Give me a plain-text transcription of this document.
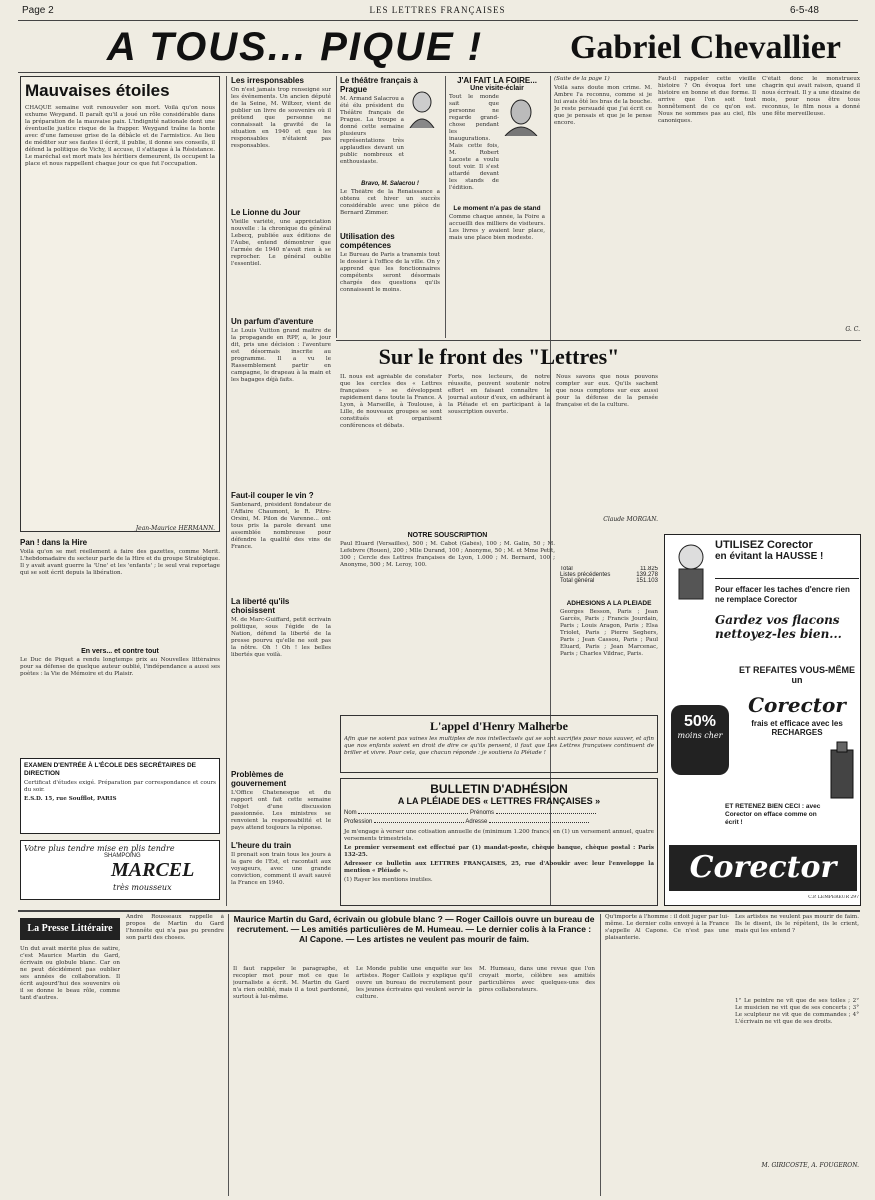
Page 2	LES LETTRES FRANÇAISES	6-5-48
A TOUS... PIQUE !	Gabriel Chevallier
Mauvaises étoiles
CHAQUE semaine voit renouveler son mort. Voilà qu'on nous exhume Weygand. Il paraît qu'il a joué un rôle considérable dans la préparation de la mauvaise paix. L'indignité nationale dont une éventuelle justice risque de la frapper. Weygand traîne la honte avec d'une fameuse grise de la débâcle et de l'armistice. Au lieu de méditer sur ses fautes il écrit, il publie, il donne ses conseils, il défend la politique de Vichy, il accuse, il s'attaque à la Résistance. Le maréchal est mort mais les héritiers demeurent, ils occupent la place et nous rappellent chaque jour ce que fut l'occupation.
Jean-Maurice HERMANN.
Pan ! dans la Hire
Voilà qu'on se met réellement à faire des gazettes, comme Merit. L'hebdomadaire du secteur parle de la Hire et du groupe Stratégique. Il y avait avant guerre la 'Une' et les 'enfants' ; le seul vrai reportage qui se soit écrit depuis la libération.
En vers... et contre tout
Le Duc de Piquet a rendu longtemps prix au Nouvelles littéraires pour sa défense de quelque auteur oublié, l'indépendance a aussi ses poètes : la Vie de Mémoire et du Plaisir.
EXAMEN D'ENTRÉE À L'ÉCOLE DES SECRÉTAIRES DE DIRECTION
Certificat d'études exigé. Préparation par correspondance et cours du soir.
E.S.D. 15, rue Soufflot, PARIS
Votre plus tendre mise en plis tendre
SHAMPOING
MARCEL
très mousseux
Les irresponsables
On n'est jamais trop renseigné sur les événements. Un ancien député de la Seine, M. Wiltzer, vient de publier un livre de souvenirs où il prétend que personne ne connaissait la gravité de la situation en 1940 et que les responsables n'étaient pas responsables.
Le Lionne du Jour
Vieille variété, une appréciation nouvelle : la chronique du général Lebecq, publiée aux éditions de l'Aube, entend démontrer que l'armée de 1940 n'avait rien à se reprocher. Le général oublie l'essentiel.
Un parfum d'aventure
Le Louis Vuitton grand maître de la propagande en RPF, a, le jour dit, pris une décision : l'aventure est désormais inscrite au programme. Il a vu le Rassemblement partir en campagne, le drapeau à la main et les bagages déjà faits.
Faut-il couper le vin ?
Santenard, président fondateur de l'Affaire Chaumont, le R. Pitre-Orsini, M. Pilon de Varenne... ont tous pris la parole devant une assemblée nombreuse pour défendre la qualité des vins de France.
La liberté qu'ils choisissent
M. de Marc-Guiffard, petit écrivain politique, sous l'égide de la Nation, défend la liberté de la presse pourvu qu'elle ne soit pas la nôtre. Oh ! Oh ! les belles libertés que voilà.
Problèmes de gouvernement
L'Office Chatenesque et du rapport ont fait cette semaine l'objet d'une discussion passionnée. Les ministres se renvoient la responsabilité et le pays attend toujours la réponse.
L'heure du train
Il prenait son train tous les jours à la gare de l'Est, et racontait aux voyageurs, avec une grande conviction, comment il avait sauvé la France en 1940.
Le théâtre français à Prague
M. Armand Salacrou a été élu président du Théâtre français de Prague. La troupe a donné cette semaine plusieurs représentations très applaudies devant un public nombreux et enthousiaste.
Bravo, M. Salacrou !
Le Théâtre de la Renaissance a obtenu cet hiver un succès considérable avec une pièce de Bernard Zimmer.
Utilisation des compétences
Le Bureau de Paris a transmis tout le dossier à l'office de la ville. On y apprend que les fonctionnaires compétents seront désormais chargés des questions qu'ils connaissent le moins.
J'AI FAIT LA FOIRE...
Une visite-éclair
Tout le monde sait que personne ne regarde grand-chose pendant les inaugurations. Mais cette fois, M. Robert Lacoste a voulu tout voir. Il s'est attardé devant les stands de l'édition.
Le moment n'a pas de stand
Comme chaque année, la Foire a accueilli des milliers de visiteurs. Les livres y avaient leur place, mais une place bien modeste.
(Suite de la page 1)
Voilà sans doute mon crime. M. Ambre l'a reconnu, comme si je lui avais ôté les bras de la bouche. Je reste persuadé que j'ai écrit ce que je pensais et que je le pense encore.
Faut-il rappeler cette vieille histoire ? On évoqua fort une histoire en bonne et due forme. Il arrive que l'on soit tout honnêtement de ce qu'on est. Nous ne sommes pas au ciel, fils canoniques.
C'était donc le monstrueux chagrin qui avait raison, quand il nous écrivait. Il y a une dizaine de mois, pour nous être tous reconnus, le film nous a donné une fête merveilleuse.
G. C.
Sur le front des "Lettres"
IL nous est agréable de constater que les cercles des « Lettres françaises » se développent rapidement dans toute la France. A Lyon, à Marseille, à Toulouse, à Lille, de nouveaux groupes se sont constitués et organisent conférences et débats.
Forts, nos lecteurs, de notre réussite, peuvent soutenir notre effort en faisant connaître le journal autour d'eux, en adhérant à la Pléiade et en participant à la souscription ouverte.
Nous savons que nous pouvons compter sur eux. Qu'ils sachent que nous comptons sur eux aussi pour la défense de la pensée française et de la culture.
Claude MORGAN.
NOTRE SOUSCRIPTION
Paul Éluard (Versailles), 500 ; M. Cabot (Gabès), 100 ; M. Galin, 50 ; M. Lefebvre (Rouen), 200 ; Mlle Durand, 100 ; Anonyme, 50 ; M. et Mme Petit, 300 ; Cercle des Lettres françaises de Lyon, 1.000 ; M. Bernard, 100 ; Anonyme, 500 ; M. Leroy, 100.
Total	11.825
Listes précédentes	139.278
Total général	151.103
ADHÉSIONS A LA PLÉIADE
Georges Besson, Paris ; Jean Garcès, Paris ; Francis Jourdain, Paris ; Louis Aragon, Paris ; Elsa Triolet, Paris ; Pierre Seghers, Paris ; Jean Cassou, Paris ; Paul Eluard, Paris ; Jean Marcenac, Paris ; Charles Vildrac, Paris.
L'appel d'Henry Malherbe
Afin que ne soient pas vaines les multiples de nos intellectuels qui se sont sacrifiés pour nous sauver, et afin que nos enfants soient en droit de dire ce qu'ils pensent, il faut que Les Lettres françaises continuent de briller et vivre. Pour cela, que chacun réponde : je soutiens la Pléiade !
BULLETIN D'ADHÉSION
A LA PLÉIADE DES « LETTRES FRANÇAISES »
Nom	Prénoms
Profession	Adresse
Je m'engage à verser une cotisation annuelle de (minimum 1.200 francs) en (1) un versement annuel, quatre versements trimestriels.
Le premier versement est effectué par (1) mandat-poste, chèque banque, chèque postal : Paris 132-25.
Adresser ce bulletin aux LETTRES FRANÇAISES, 25, rue d'Aboukir avec leur l'enveloppe la mention « Pléiade ».
(1) Rayer les mentions inutiles.
UTILISEZ Corector
en évitant la HAUSSE !
Pour effacer les taches d'encre rien ne remplace Corector
Gardez vos flacons nettoyez-les bien...
ET REFAITES VOUS-MÊME un
Corector
frais et efficace avec les RECHARGES
50%
moins cher
ET RETENEZ BIEN CECI : avec Corector on efface comme on écrit !
Corector
C.P. LEMPEREUR 297
La Presse Littéraire
Un dut avait mérité plus de satire, c'est Maurice Martin du Gard, écrivain ou globule blanc. Car on ne peut décidément pas oublier ses années de collaboration. Il écrit aujourd'hui des souvenirs où il se donne le beau rôle, comme tant d'autres.
André Rousseaux rappelle à propos de Martin du Gard l'honnête qui n'a pas pu prendre son parti des choses.
Maurice Martin du Gard, écrivain ou globule blanc ? — Roger Caillois ouvre un bureau de recrutement. — Les amitiés particulières de M. Humeau. — Le dernier colis à la France : Al Capone. — Les artistes ne veulent pas mourir de faim.
Il faut rappeler le paragraphe, et recopier mot pour mot ce que le journaliste a écrit. M. Martin du Gard n'a rien oublié, mais il a tout pardonné, surtout à lui-même.
Le Monde publie une enquête sur les artistes. Roger Caillois y explique qu'il ouvre un bureau de recrutement pour les jeunes écrivains qui veulent servir la culture.
M. Humeau, dans une revue que l'on croyait morte, célèbre ses amitiés particulières avec quelques-uns des pires collaborateurs.
Qu'importe à l'homme : il doit juger par lui-même. Le dernier colis envoyé à la France s'appelle Al Capone. Ce n'est pas une plaisanterie.
Les artistes ne veulent pas mourir de faim. Ils le disent, ils le répètent, ils le crient, mais qui les entend ?
1° Le peintre ne vit que de ses toiles ; 2° Le musicien ne vit que de ses concerts ; 3° Le sculpteur ne vit que de commandes ; 4° L'écrivain ne vit que de ses droits.
M. GIRICOSTE, A. FOUGERON.
